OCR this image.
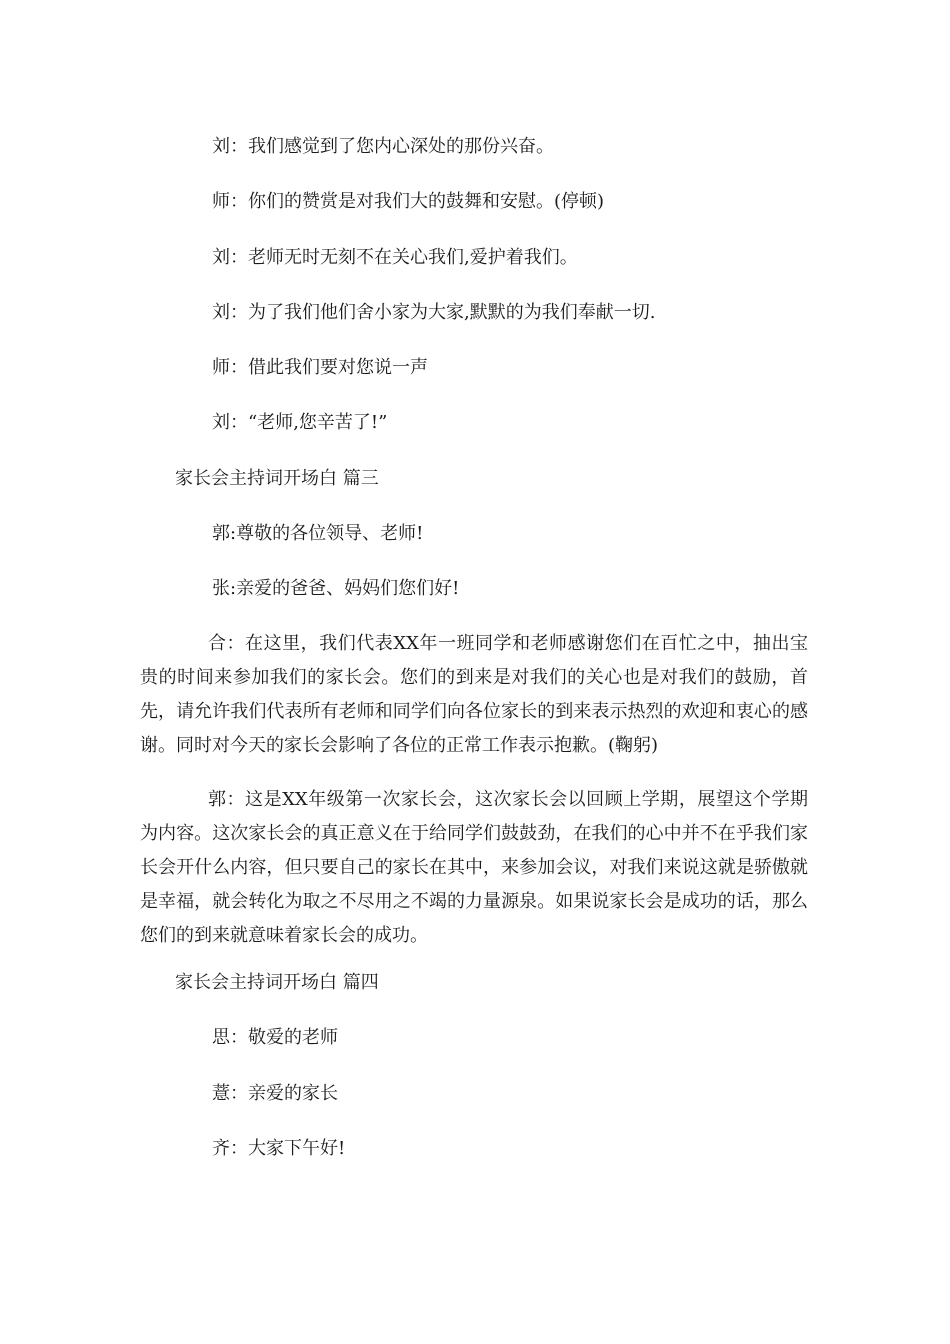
刘：我们感觉到了您内心深处的那份兴奋。
师：你们的赞赏是对我们大的鼓舞和安慰。(停顿)
刘：老师无时无刻不在关心我们,爱护着我们。
刘：为了我们他们舍小家为大家,默默的为我们奉献一切.
师：借此我们要对您说一声
刘：“老师,您辛苦了!”
家长会主持词开场白 篇三
郭:尊敬的各位领导、老师!
张:亲爱的爸爸、妈妈们您们好!
合：在这里，我们代表XX年一班同学和老师感谢您们在百忙之中，抽出宝贵的时间来参加我们的家长会。您们的到来是对我们的关心也是对我们的鼓励，首先，请允许我们代表所有老师和同学们向各位家长的到来表示热烈的欢迎和衷心的感谢。同时对今天的家长会影响了各位的正常工作表示抱歉。(鞠躬)
郭：这是XX年级第一次家长会，这次家长会以回顾上学期，展望这个学期为内容。这次家长会的真正意义在于给同学们鼓鼓劲，在我们的心中并不在乎我们家长会开什么内容，但只要自己的家长在其中，来参加会议，对我们来说这就是骄傲就是幸福，就会转化为取之不尽用之不竭的力量源泉。如果说家长会是成功的话，那么您们的到来就意味着家长会的成功。
家长会主持词开场白 篇四
思：敬爱的老师
薏：亲爱的家长
齐：大家下午好!
